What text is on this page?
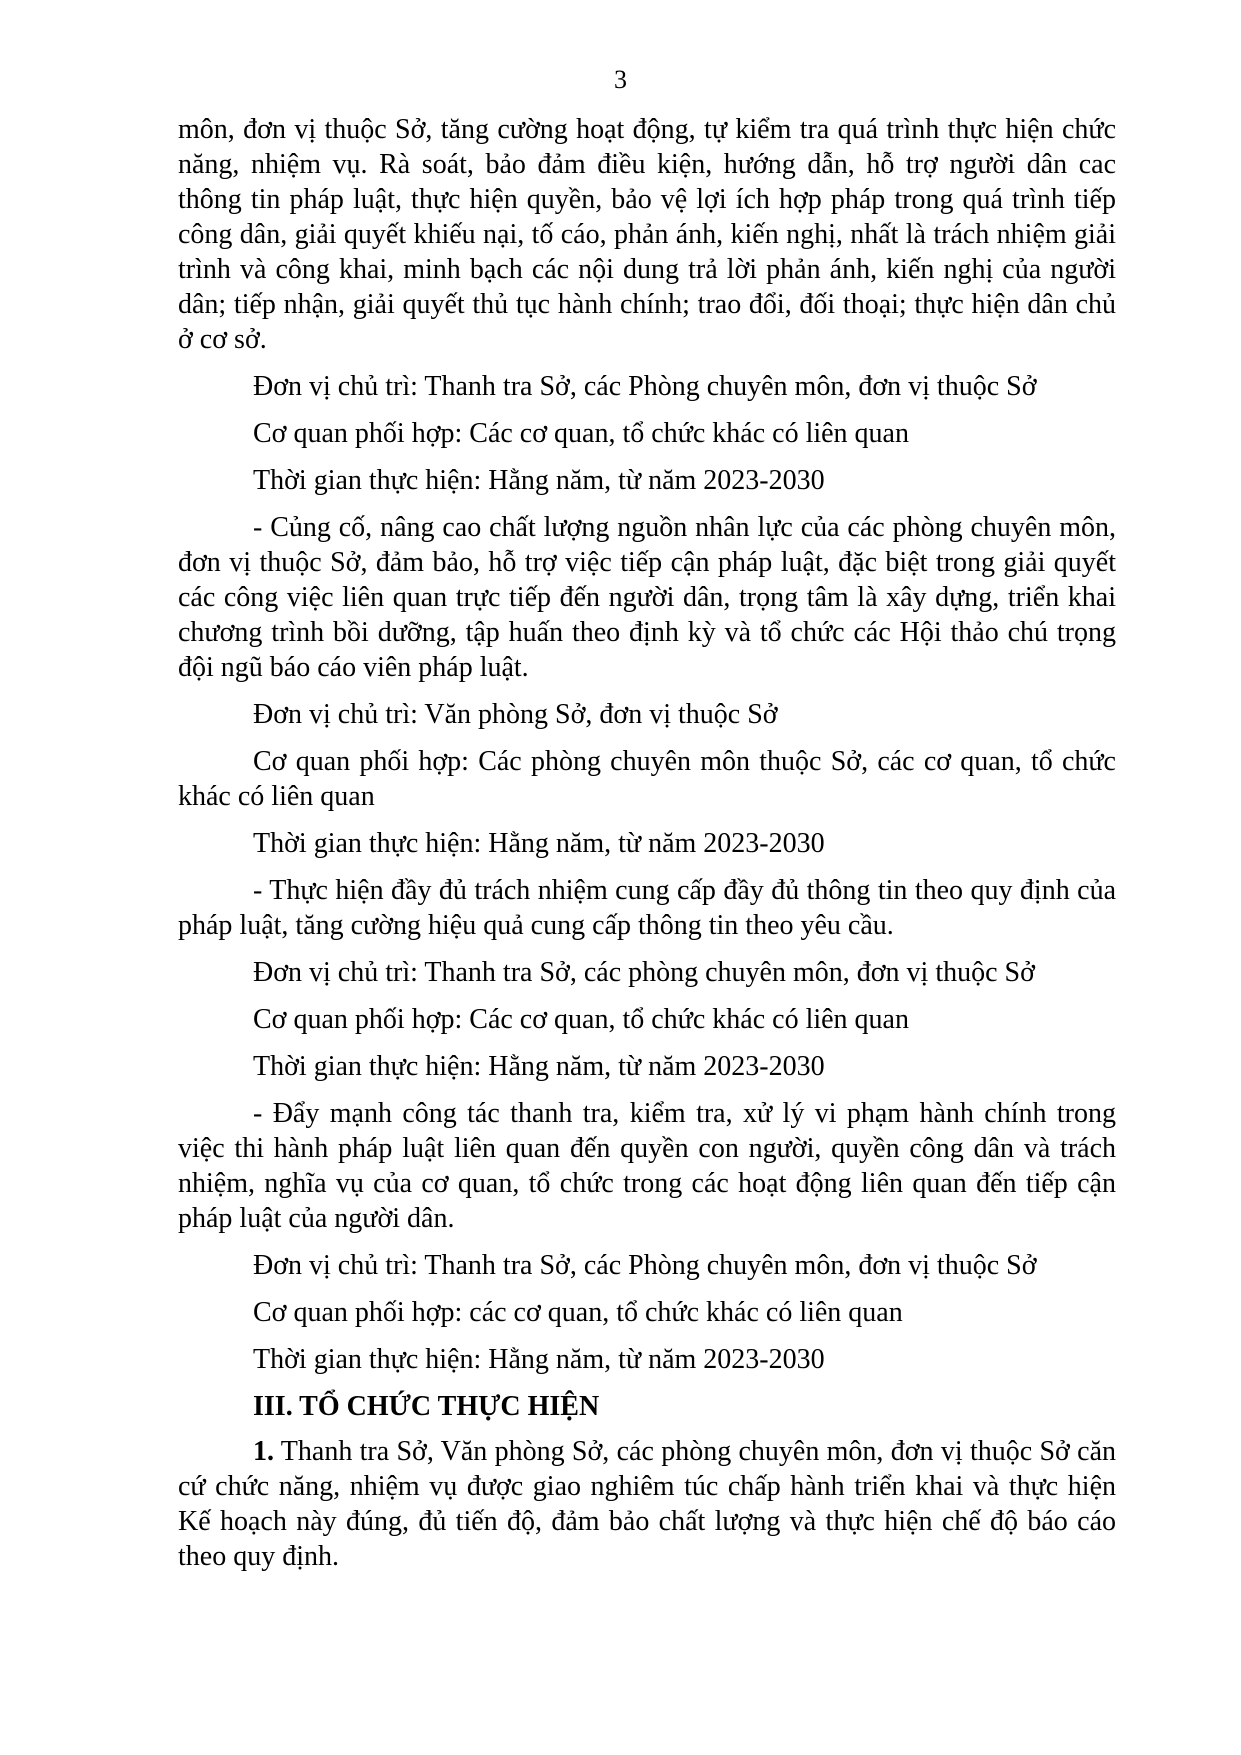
3

môn, đơn vị thuộc Sở, tăng cường hoạt động, tự kiểm tra quá trình thực hiện chức năng, nhiệm vụ. Rà soát, bảo đảm điều kiện, hướng dẫn, hỗ trợ người dân cac thông tin pháp luật, thực hiện quyền, bảo vệ lợi ích hợp pháp trong quá trình tiếp công dân, giải quyết khiếu nại, tố cáo, phản ánh, kiến nghị, nhất là trách nhiệm giải trình và công khai, minh bạch các nội dung trả lời phản ánh, kiến nghị của người dân; tiếp nhận, giải quyết thủ tục hành chính; trao đổi, đối thoại; thực hiện dân chủ ở cơ sở.

Đơn vị chủ trì: Thanh tra Sở, các Phòng chuyên môn, đơn vị thuộc Sở

Cơ quan phối hợp: Các cơ quan, tổ chức khác có liên quan

Thời gian thực hiện: Hằng năm, từ năm 2023-2030

- Củng cố, nâng cao chất lượng nguồn nhân lực của các phòng chuyên môn, đơn vị thuộc Sở, đảm bảo, hỗ trợ việc tiếp cận pháp luật, đặc biệt trong giải quyết các công việc liên quan trực tiếp đến người dân, trọng tâm là xây dựng, triển khai chương trình bồi dưỡng, tập huấn theo định kỳ và tổ chức các Hội thảo chú trọng đội ngũ báo cáo viên pháp luật.

Đơn vị chủ trì: Văn phòng Sở, đơn vị thuộc Sở

Cơ quan phối hợp: Các phòng chuyên môn thuộc Sở, các cơ quan, tổ chức khác có liên quan

Thời gian thực hiện: Hằng năm, từ năm 2023-2030

- Thực hiện đầy đủ trách nhiệm cung cấp đầy đủ thông tin theo quy định của pháp luật, tăng cường hiệu quả cung cấp thông tin theo yêu cầu.

Đơn vị chủ trì: Thanh tra Sở, các phòng chuyên môn, đơn vị thuộc Sở

Cơ quan phối hợp: Các cơ quan, tổ chức khác có liên quan

Thời gian thực hiện: Hằng năm, từ năm 2023-2030

- Đẩy mạnh công tác thanh tra, kiểm tra, xử lý vi phạm hành chính trong việc thi hành pháp luật liên quan đến quyền con người, quyền công dân và trách nhiệm, nghĩa vụ của cơ quan, tổ chức trong các hoạt động liên quan đến tiếp cận pháp luật của người dân.

Đơn vị chủ trì: Thanh tra Sở, các Phòng chuyên môn, đơn vị thuộc Sở

Cơ quan phối hợp: các cơ quan, tổ chức khác có liên quan

Thời gian thực hiện: Hằng năm, từ năm 2023-2030

III. TỔ CHỨC THỰC HIỆN

1. Thanh tra Sở, Văn phòng Sở, các phòng chuyên môn, đơn vị thuộc Sở căn cứ chức năng, nhiệm vụ được giao nghiêm túc chấp hành triển khai và thực hiện Kế hoạch này đúng, đủ tiến độ, đảm bảo chất lượng và thực hiện chế độ báo cáo theo quy định.
